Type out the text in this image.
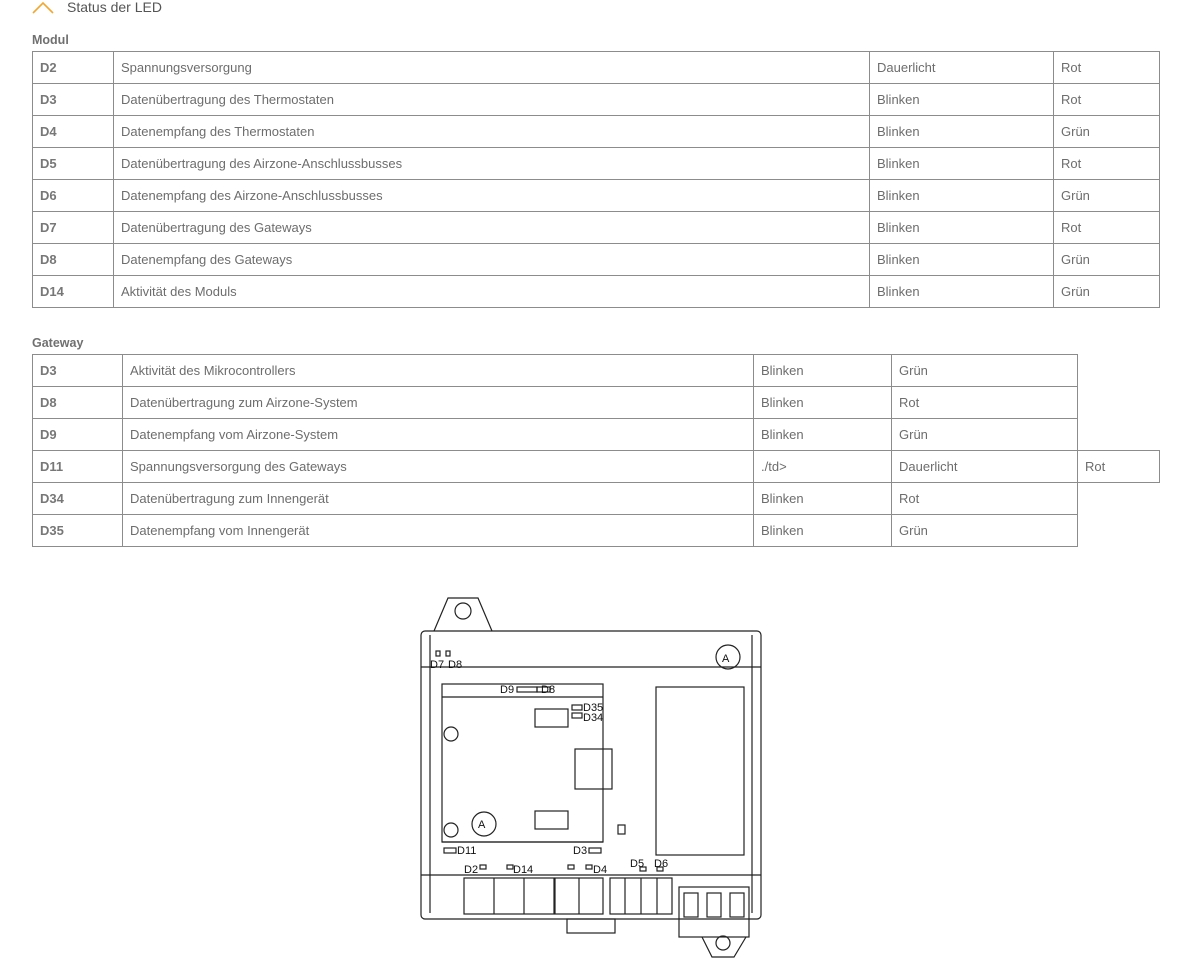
Status der LED
Modul
D2	Spannungsversorgung	Dauerlicht	Rot
D3	Datenübertragung des Thermostaten	Blinken	Rot
D4	Datenempfang des Thermostaten	Blinken	Grün
D5	Datenübertragung des Airzone-Anschlussbusses	Blinken	Rot
D6	Datenempfang des Airzone-Anschlussbusses	Blinken	Grün
D7	Datenübertragung des Gateways	Blinken	Rot
D8	Datenempfang des Gateways	Blinken	Grün
D14	Aktivität des Moduls	Blinken	Grün
Gateway
D3	Aktivität des Mikrocontrollers	Blinken	Grün	
D8	Datenübertragung zum Airzone-System	Blinken	Rot	
D9	Datenempfang vom Airzone-System	Blinken	Grün	
D11	Spannungsversorgung des Gateways	./td>	Dauerlicht	Rot
D34	Datenübertragung zum Innengerät	Blinken	Rot	
D35	Datenempfang vom Innengerät	Blinken	Grün	
A
A
D7 D8
D9 D8
D35
D34
D11	D3
D2	D14	D4 D5 D6
